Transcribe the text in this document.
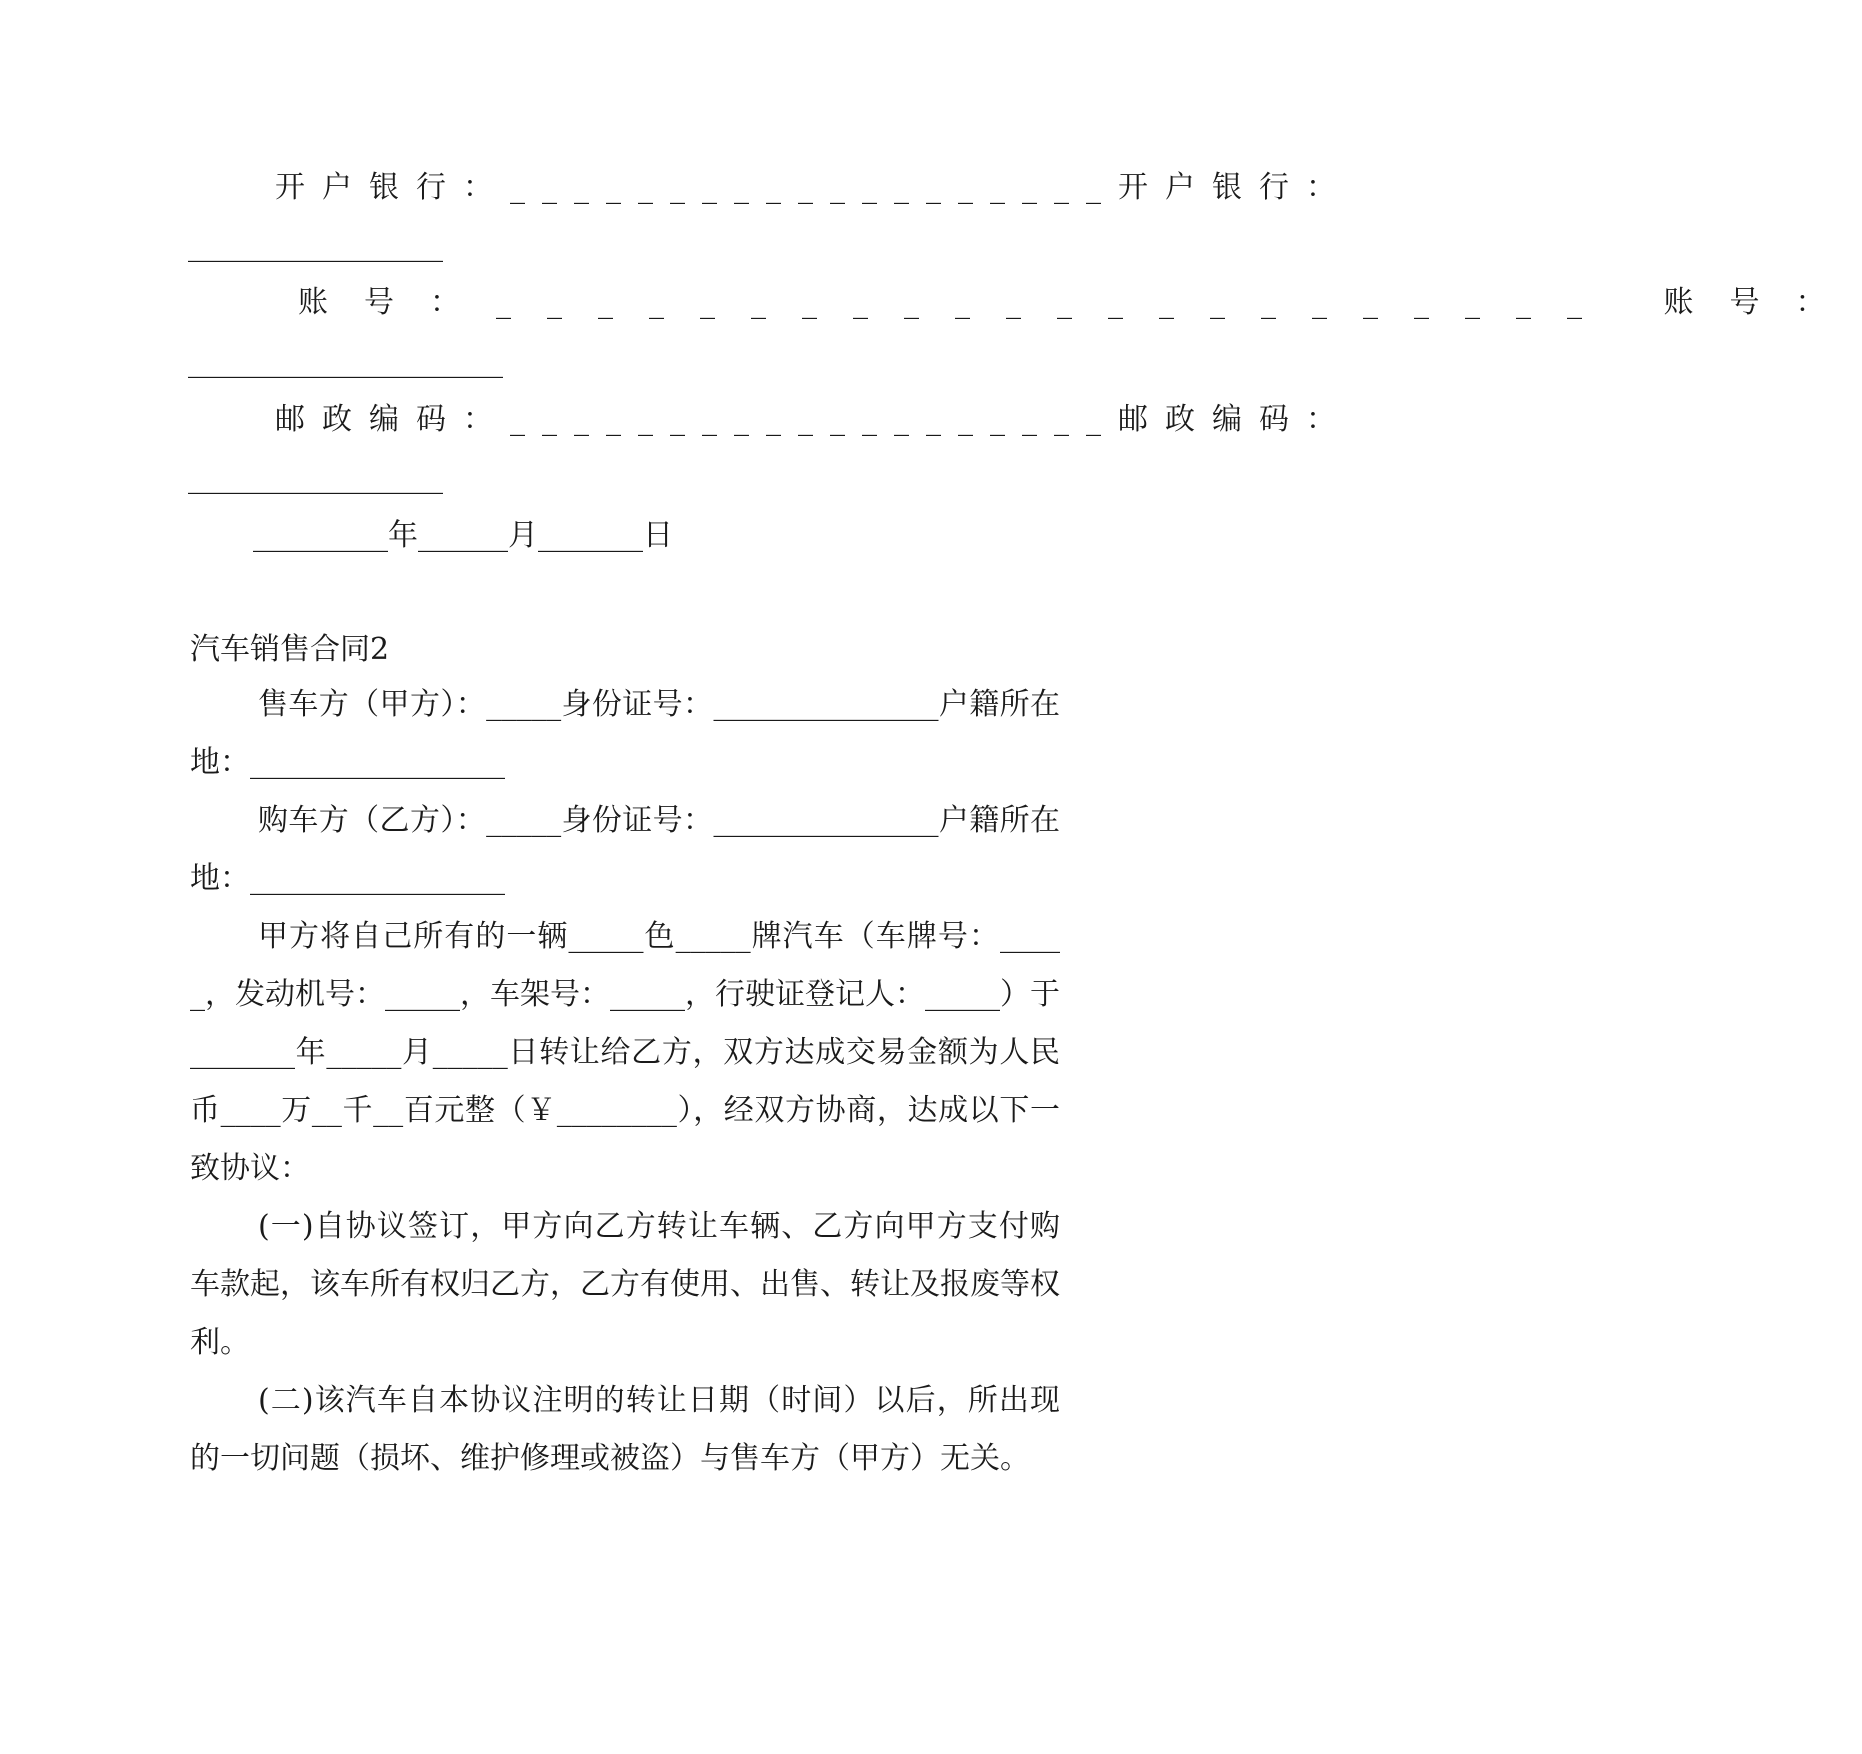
开户银行：___________________开户银行：
_________________
账号：______________________ 账号：
_____________________
邮政编码：___________________邮政编码：
_________________
_________年______月_______日
汽车销售合同2
售车方（甲方）：_____身份证号：_______________户籍所在地：_________________
购车方（乙方）：_____身份证号：_______________户籍所在地：_________________
甲方将自己所有的一辆_____色_____牌汽车（车牌号：_____，发动机号：_____，车架号：_____，行驶证登记人：_____）于_______年_____月_____日转让给乙方，双方达成交易金额为人民币____万__千__百元整（￥________），经双方协商，达成以下一致协议：
(一)自协议签订，甲方向乙方转让车辆、乙方向甲方支付购车款起，该车所有权归乙方，乙方有使用、出售、转让及报废等权利。
(二)该汽车自本协议注明的转让日期（时间）以后，所出现的一切问题（损坏、维护修理或被盗）与售车方（甲方）无关。
